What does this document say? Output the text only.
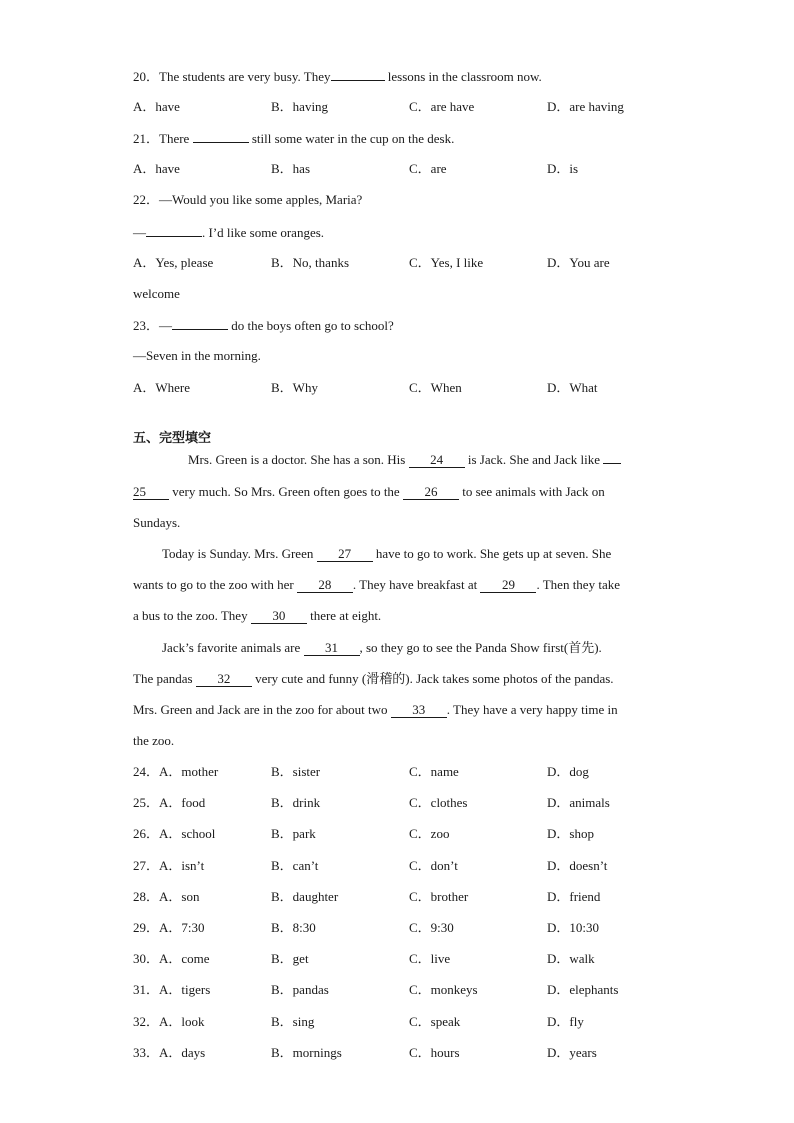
20．The students are very busy. They	lessons in the classroom now.
A．have	B．having	C．are have	D．are having
21．There	still some water in the cup on the desk.
A．have	B．has	C．are	D．is
22．—Would you like some apples, Maria?
—	. I’d like some oranges.
A．Yes, please	B．No, thanks	C．Yes, I like	D．You are
welcome
23．—	do the boys often go to school?
—Seven in the morning.
A．Where	B．Why	C．When	D．What
五、完型填空
Mrs. Green is a doctor. She has a son. His 24 is Jack. She and Jack like
25 very much. So Mrs. Green often goes to the 26 to see animals with Jack on
Sundays.
Today is Sunday. Mrs. Green 27 have to go to work. She gets up at seven. She
wants to go to the zoo with her 28 . They have breakfast at 29 . Then they take
a bus to the zoo. They 30 there at eight.
Jack’s favorite animals are 31 , so they go to see the Panda Show first(首先).
The pandas 32 very cute and funny (滑稽的). Jack takes some photos of the pandas.
Mrs. Green and Jack are in the zoo for about two 33 . They have a very happy time in
the zoo.
24．A．mother	B．sister	C．name	D．dog
25．A．food	B．drink	C．clothes	D．animals
26．A．school	B．park	C．zoo	D．shop
27．A．isn’t	B．can’t	C．don’t	D．doesn’t
28．A．son	B．daughter	C．brother	D．friend
29．A．7:30	B．8:30	C．9:30	D．10:30
30．A．come	B．get	C．live	D．walk
31．A．tigers	B．pandas	C．monkeys	D．elephants
32．A．look	B．sing	C．speak	D．fly
33．A．days	B．mornings	C．hours	D．years
